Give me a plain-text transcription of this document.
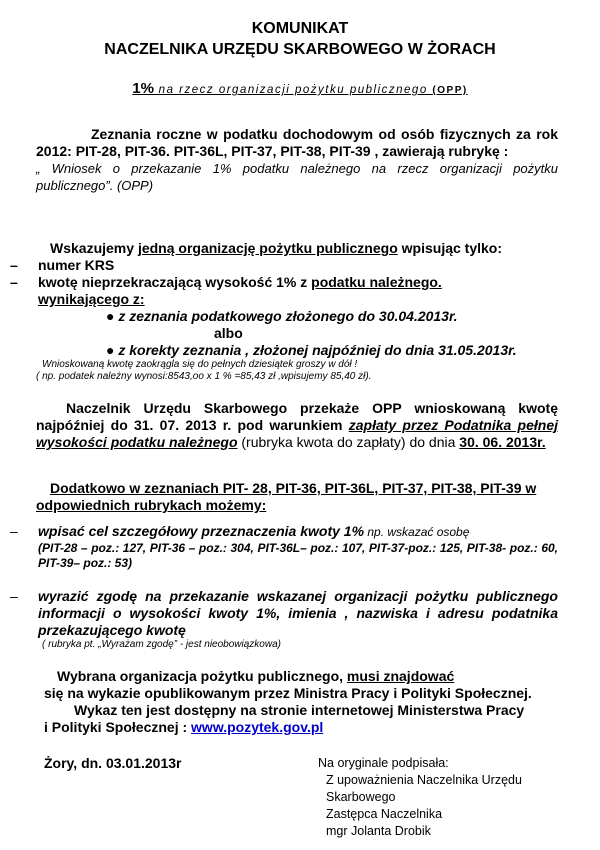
KOMUNIKAT
NACZELNIKA URZĘDU SKARBOWEGO W ŻORACH
1% na rzecz organizacji pożytku publicznego (OPP)
Zeznania roczne w podatku dochodowym od osób fizycznych za rok 2012: PIT-28, PIT-36. PIT-36L, PIT-37, PIT-38, PIT-39 , zawierają rubrykę :
„ Wniosek o przekazanie 1% podatku należnego na rzecz organizacji pożytku publicznego”. (OPP)
Wskazujemy jedną organizację pożytku publicznego wpisując tylko:
– numer KRS
– kwotę nieprzekraczającą wysokość 1% z podatku należnego.
wynikającego z:
● z zeznania podatkowego złożonego do 30.04.2013r.
albo
● z korekty zeznania , złożonej najpóźniej do dnia 31.05.2013r.
Wnioskowaną kwotę zaokrągla się do pełnych dziesiątek groszy w dół !
( np. podatek należny wynosi:8543,oo x 1 % =85,43 zł ,wpisujemy 85,40 zł).
Naczelnik Urzędu Skarbowego przekaże OPP wnioskowaną kwotę najpóźniej do 31. 07. 2013 r. pod warunkiem zapłaty przez Podatnika pełnej wysokości podatku należnego (rubryka kwota do zapłaty) do dnia 30. 06. 2013r.
Dodatkowo w zeznaniach PIT- 28, PIT-36, PIT-36L, PIT-37, PIT-38, PIT-39 w odpowiednich rubrykach możemy:
–	wpisać cel szczegółowy przeznaczenia kwoty 1% np. wskazać osobę
(PIT-28 – poz.: 127, PIT-36 – poz.: 304, PIT-36L– poz.: 107, PIT-37-poz.: 125, PIT-38- poz.: 60, PIT-39– poz.: 53)
–	wyrazić zgodę na przekazanie wskazanej organizacji pożytku publicznego informacji o wysokości kwoty 1%, imienia , nazwiska i adresu podatnika przekazującego kwotę
( rubryka pt. „Wyrażam zgodę” - jest nieobowiązkowa)
Wybrana organizacja pożytku publicznego, musi znajdować
się na wykazie opublikowanym przez Ministra Pracy i Polityki Społecznej.
Wykaz ten jest dostępny na stronie internetowej Ministerstwa Pracy
i Polityki Społecznej : www.pozytek.gov.pl
Żory, dn. 03.01.2013r	Na oryginale podpisała:
Z upoważnienia Naczelnika Urzędu
Skarbowego
Zastępca Naczelnika
mgr Jolanta Drobik
